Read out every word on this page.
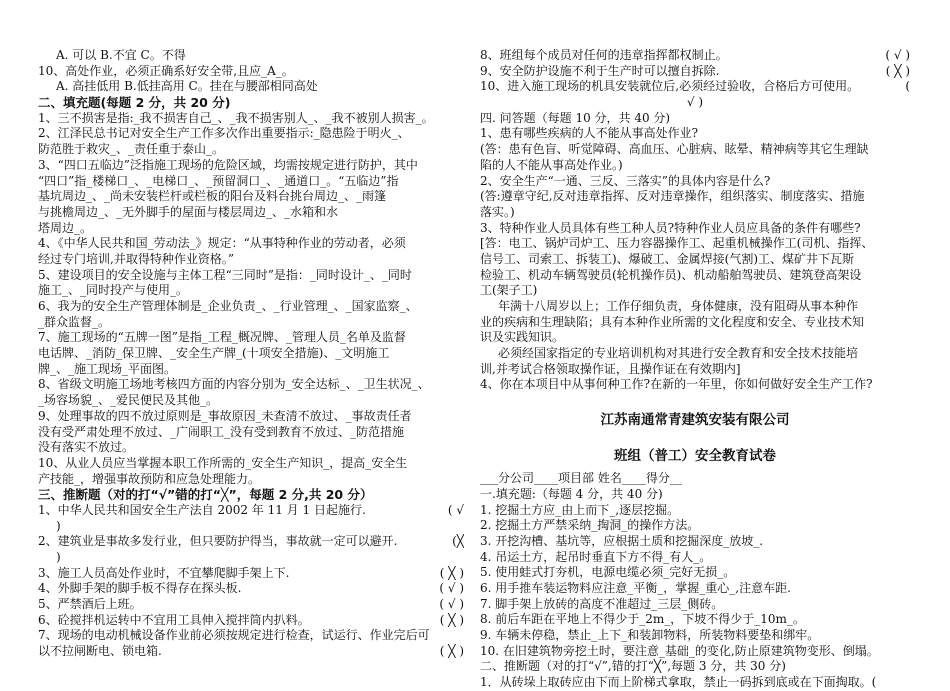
A. 可以 B.不宜 C。不得
10、高处作业，必须正确系好安全带,且应_A_。
A. 高挂低用 B.低挂高用 C。挂在与腰部相同高处
二、填充题(每题 2 分，共 20 分)
1、三不损害是指:_我不损害自己_、_我不损害别人_、_我不被别人损害_。
2、江泽民总书记对安全生产工作多次作出重要指示:_隐患险于明火_、
防范胜于救灾_、_责任重于泰山_。
3、“四口五临边”泛指施工现场的危险区域，均需按规定进行防护，其中
“四口”指_楼梯口_、_电梯口_、_预留洞口_、_通道口_。“五临边”指
基坑周边_、_尚未安装栏杆或栏板的阳台及料台挑台周边_、_雨篷
与挑檐周边_、_无外脚手的屋面与楼层周边_、_水箱和水
塔周边_。
4、《中华人民共和国_劳动法_》规定：“从事特种作业的劳动者，必须
经过专门培训,并取得特种作业资格。”
5、建设项目的安全设施与主体工程“三同时”是指：_同时设计_、_同时
施工_、_同时投产与使用_。
6、我为的安全生产管理体制是_企业负责_、_行业管理_、_国家监察_、
_群众监督_。
7、施工现场的“五牌一图”是指_工程_概况牌、_管理人员_名单及监督
电话牌、_消防_保卫牌、_安全生产牌_(十项安全措施)、_文明施工
牌_、_施工现场_平面图。
8、省级文明施工场地考核四方面的内容分别为_安全达标_、_卫生状况_、
_场容场貌_、_爱民便民及其他_。
9、处理事故的四不放过原则是_事故原因_未查清不放过、_事故责任者
没有受严肃处理不放过、_广闹职工_没有受到教育不放过、_防范措施
没有落实不放过。
10、从业人员应当掌握本职工作所需的_安全生产知识_，提高_安全生
产技能_，增强事故预防和应急处理能力。
三、推断题（对的打“√”错的打“╳”，每题 2 分,共 20 分）
( √
1、中华人民共和国安全生产法自 2002 年 11 月 1 日起施行.
)
(╳
2、建筑业是事故多发行业，但只要防护得当，事故就一定可以避开.
)
( ╳ )
3、施工人员高处作业时，不宜攀爬脚手架上下.
( √ )
4、外脚手架的脚手板不得存在探头板.
( √ )
5、严禁酒后上班。
( ╳ )
6、砼搅拌机运转中不宜用工具伸入搅拌筒内扒料。
7、现场的电动机械设备作业前必须按规定进行检查，试运行、作业完后可
( ╳ )
以不拉闸断电、锁电箱.
( √ )
8、班组每个成员对任何的违章指挥都权制止。
( ╳ )
9、安全防护设施不利于生产时可以擅自拆除.
(
10、进入施工现场的机具安装就位后,必须经过验收，合格后方可使用。
√ )
四. 问答题（每题 10 分，共 40 分)
1、患有哪些疾病的人不能从事高处作业?
(答：患有色盲、听觉障碍、高血压、心脏病、眩晕、精神病等其它生理缺
陷的人不能从事高处作业。)
2、安全生产“一通、三反、三落实”的具体内容是什么?
(答:遵章守纪,反对违章指挥、反对违章操作，组织落实、制度落实、措施
落实。)
3、特种作业人员具体有些工种人员?特种作业人员应具备的条件有哪些?
[答：电工、锅炉司炉工、压力容器操作工、起重机械操作工(司机、指挥、
信号工、司索工、拆装工)、爆破工、金属焊接(气割)工、煤矿井下瓦斯
检验工、机动车辆驾驶员(轮机操作员)、机动船舶驾驶员、建筑登高架设
工(架子工)
年满十八周岁以上；工作仔细负责，身体健康，没有阻碍从事本种作
业的疾病和生理缺陷；具有本种作业所需的文化程度和安全、专业技术知
识及实践知识。
必须经国家指定的专业培训机构对其进行安全教育和安全技术技能培
训,并考试合格领取操作证，且操作证在有效期内]
4、你在本项目中从事何种工作?在新的一年里，你如何做好安全生产工作?
江苏南通常青建筑安装有限公司
班组（普工）安全教育试卷
___分公司____项目部 姓名____得分__
一.填充题:（每题 4 分，共 40 分)
1. 挖掘土方应_由上而下_,逐层挖掘。
2. 挖掘土方严禁采纳_掏洞_的操作方法。
3. 开挖沟槽、基坑等，应根据土质和挖掘深度_放坡_.
4. 吊运土方，起吊时垂直下方不得_有人_。
5. 使用蛙式打夯机，电源电缆必须_完好无损_。
6. 用手推车装运物料应注意_平衡_，掌握_重心_,注意车距.
7. 脚手架上放砖的高度不准超过_三层_侧砖。
8. 前后车距在平地上不得少于_2m_，下坡不得少于_10m_。
9. 车辆未停稳，禁止_上下_和装卸物料，所装物料要垫和绑牢。
10. 在旧建筑物旁挖土时，要注意_基础_的变化,防止原建筑物变形、倒塌。
二、推断题（对的打“√”,错的打“╳”,每题 3 分，共 30 分)
1．从砖垛上取砖应由下而上阶梯式拿取，禁止一码拆到底或在下面掏取。(
